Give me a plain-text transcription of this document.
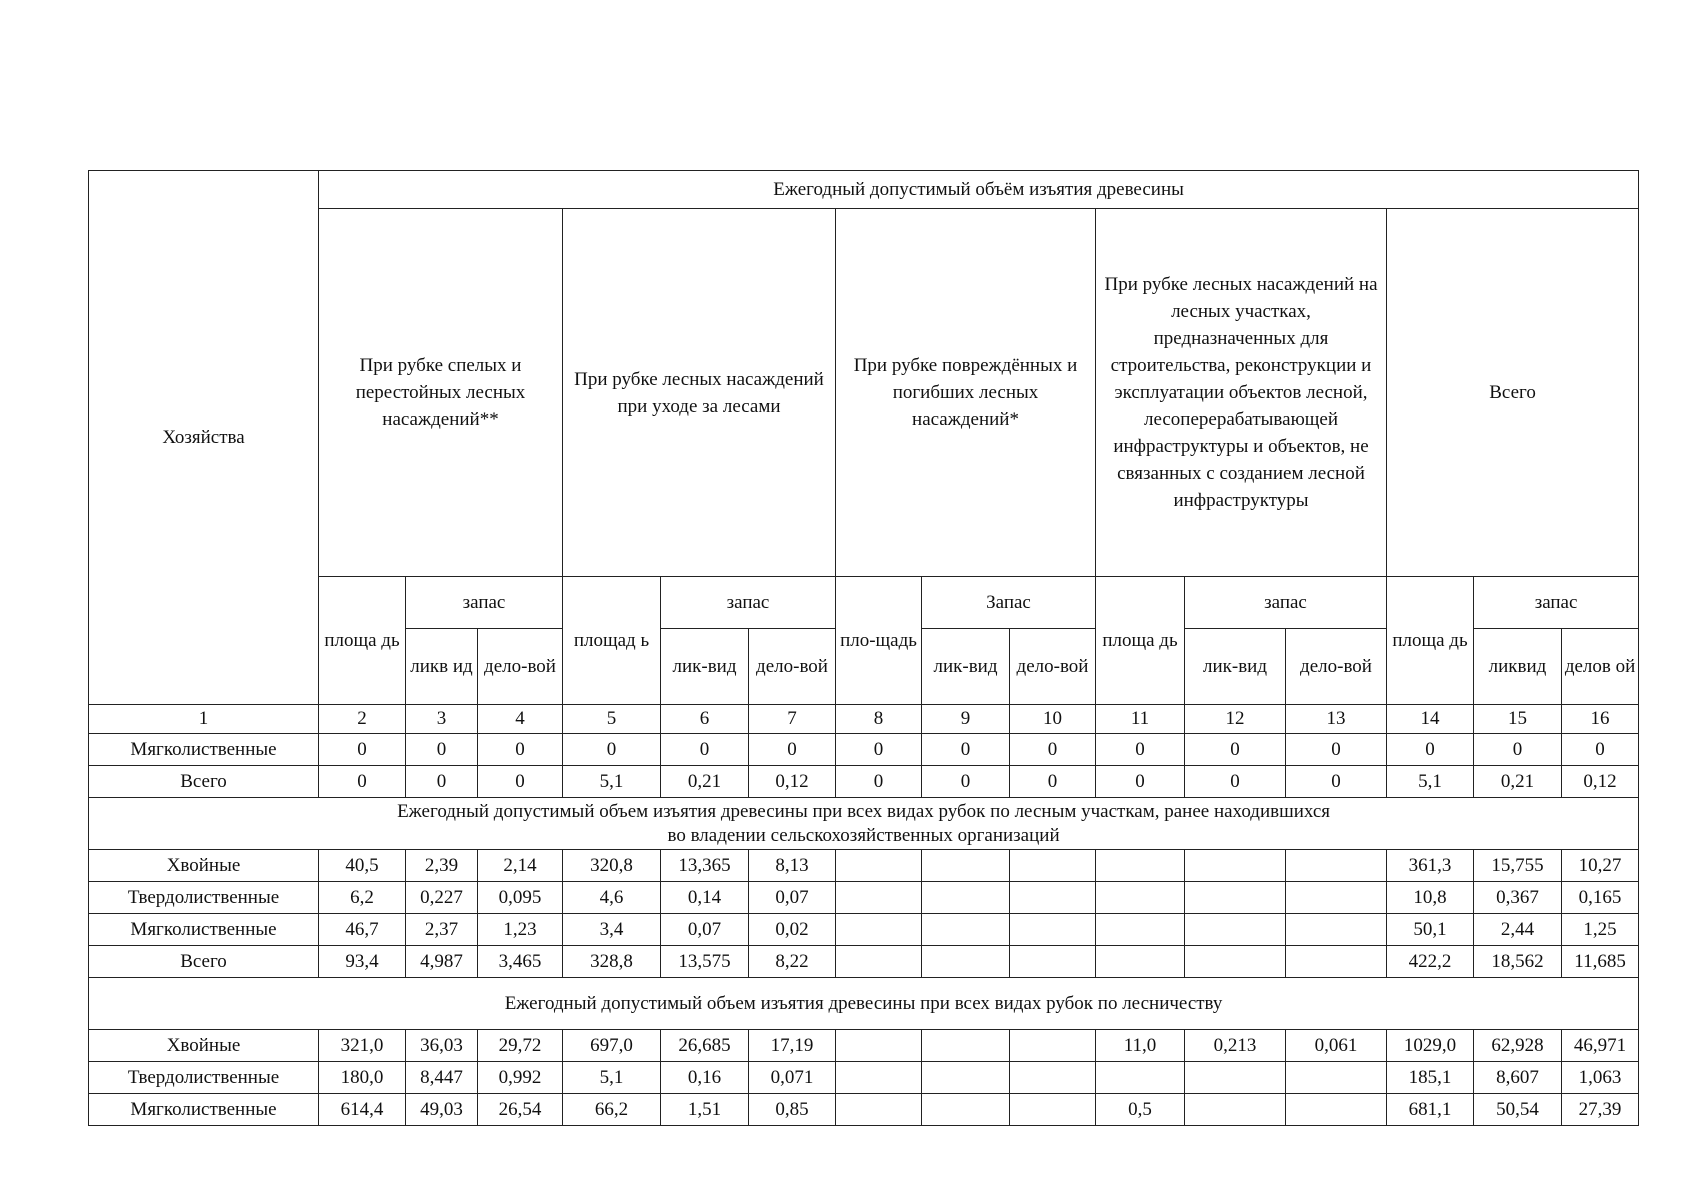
Хозяйства	Ежегодный допустимый объём изъятия древесины														
	При рубке спелых и перестойных лесных насаждений**			При рубке лесных насаждений при уходе за лесами			При рубке повреждённых и погибших лесных насаждений*			При рубке лесных насаждений на лесных участках, предназначенных для строительства, реконструкции и эксплуатации объектов лесной, лесоперерабатывающей инфраструктуры и объектов, не связанных с созданием лесной инфраструктуры			Всего		
	площа дь	запас		площад ь	запас		пло-щадь	Запас		площа дь	запас		площа дь	запас	
		ликв ид	дело-вой		лик-вид	дело-вой		лик-вид	дело-вой		лик-вид	дело-вой		ликвид	делов ой
1	2	3	4	5	6	7	8	9	10	11	12	13	14	15	16
Мягколиственные	0	0	0	0	0	0	0	0	0	0	0	0	0	0	0
Всего	0	0	0	5,1	0,21	0,12	0	0	0	0	0	0	5,1	0,21	0,12
Ежегодный допустимый объем изъятия древесины при всех видах рубок по лесным участкам, ранее находившихся во владении сельскохозяйственных организаций															
Хвойные	40,5	2,39	2,14	320,8	13,365	8,13							361,3	15,755	10,27
Твердолиственные	6,2	0,227	0,095	4,6	0,14	0,07							10,8	0,367	0,165
Мягколиственные	46,7	2,37	1,23	3,4	0,07	0,02							50,1	2,44	1,25
Всего	93,4	4,987	3,465	328,8	13,575	8,22							422,2	18,562	11,685
Ежегодный допустимый объем изъятия древесины при всех видах рубок по лесничеству															
Хвойные	321,0	36,03	29,72	697,0	26,685	17,19				11,0	0,213	0,061	1029,0	62,928	46,971
Твердолиственные	180,0	8,447	0,992	5,1	0,16	0,071							185,1	8,607	1,063
Мягколиственные	614,4	49,03	26,54	66,2	1,51	0,85				0,5			681,1	50,54	27,39
